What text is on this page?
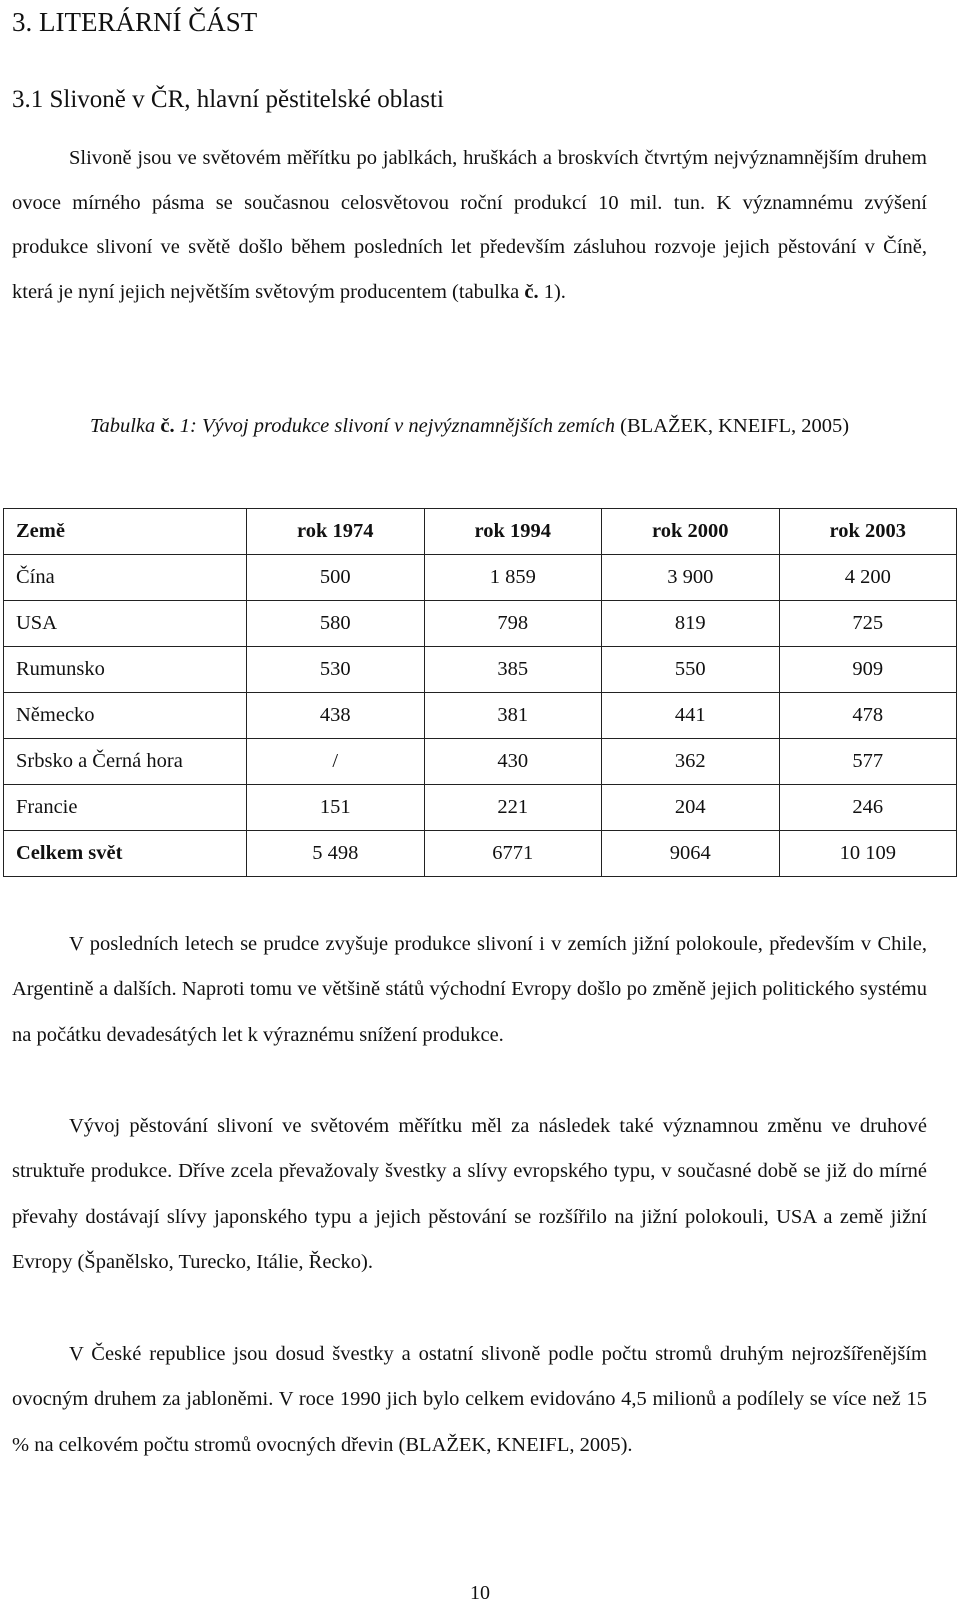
3. LITERÁRNÍ ČÁST
3.1 Slivoně v ČR, hlavní pěstitelské oblasti

Slivoně jsou ve světovém měřítku po jablkách, hruškách a broskvích čtvrtým nejvýznamnějším druhem ovoce mírného pásma se současnou celosvětovou roční produkcí 10 mil. tun. K významnému zvýšení produkce slivoní ve světě došlo během posledních let především zásluhou rozvoje jejich pěstování v Číně, která je nyní jejich největším světovým producentem (tabulka č. 1).

Tabulka č. 1: Vývoj produkce slivoní v nejvýznamnějších zemích (BLAŽEK, KNEIFL, 2005)

Země	rok 1974	rok 1994	rok 2000	rok 2003
Čína	500	1 859	3 900	4 200
USA	580	798	819	725
Rumunsko	530	385	550	909
Německo	438	381	441	478
Srbsko a Černá hora	/	430	362	577
Francie	151	221	204	246
Celkem svět	5 498	6771	9064	10 109

V posledních letech se prudce zvyšuje produkce slivoní i v zemích jižní polokoule, především v Chile, Argentině a dalších. Naproti tomu ve většině států východní Evropy došlo po změně jejich politického systému na počátku devadesátých let k výraznému snížení produkce.

Vývoj pěstování slivoní ve světovém měřítku měl za následek také významnou změnu ve druhové struktuře produkce. Dříve zcela převažovaly švestky a slívy evropského typu, v současné době se již do mírné převahy dostávají slívy japonského typu a jejich pěstování se rozšířilo na jižní polokouli, USA a země jižní Evropy (Španělsko, Turecko, Itálie, Řecko).

V České republice jsou dosud švestky a ostatní slivoně podle počtu stromů druhým nejrozšířenějším ovocným druhem za jabloněmi. V roce 1990 jich bylo celkem evidováno 4,5 milionů a podílely se více než 15 % na celkovém počtu stromů ovocných dřevin (BLAŽEK, KNEIFL, 2005).

10
